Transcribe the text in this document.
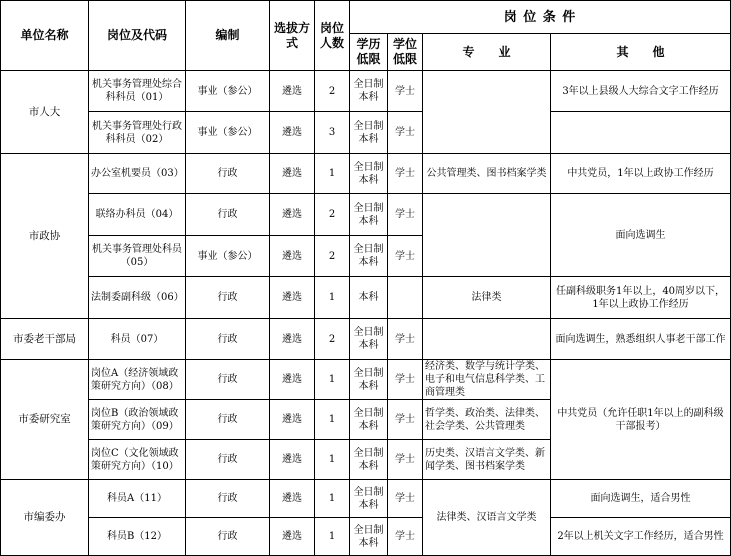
单位名称	岗位及代码	编制	选拔方式	岗位人数	岗 位 条 件			
					学历低限	学位低限	专　　业	其　　他
市人大	机关事务管理处综合科科员（01）	事业（参公）	遴选	2	全日制本科	学士		3年以上县级人大综合文字工作经历
	机关事务管理处行政科科员（02）	事业（参公）	遴选	3	全日制本科	学士		
市政协	办公室机要员（03）	行政	遴选	1	全日制本科	学士	公共管理类、图书档案学类	中共党员，1年以上政协工作经历
	联络办科员（04）	行政	遴选	2	全日制本科	学士		面向选调生
	机关事务管理处科员（05）	事业（参公）	遴选	2	全日制本科	学士		
	法制委副科级（06）	行政	遴选	1	本科		法律类	任副科级职务1年以上，40周岁以下，1年以上政协工作经历
市委老干部局	科员（07）	行政	遴选	2	全日制本科	学士		面向选调生，熟悉组织人事老干部工作
市委研究室	岗位A（经济领域政策研究方向）（08）	行政	遴选	1	全日制本科	学士	经济类、数学与统计学类、电子和电气信息科学类、工商管理类	中共党员（允许任职1年以上的副科级干部报考）
	岗位B（政治领域政策研究方向）（09）	行政	遴选	1	全日制本科	学士	哲学类、政治类、法律类、社会学类、公共管理类	
	岗位C（文化领域政策研究方向）（10）	行政	遴选	1	全日制本科	学士	历史类、汉语言文学类、新闻学类、图书档案学类	
市编委办	科员A（11）	行政	遴选	1	全日制本科	学士	法律类、汉语言文学类	面向选调生，适合男性
	科员B（12）	行政	遴选	1	全日制本科	学士		2年以上机关文字工作经历，适合男性
